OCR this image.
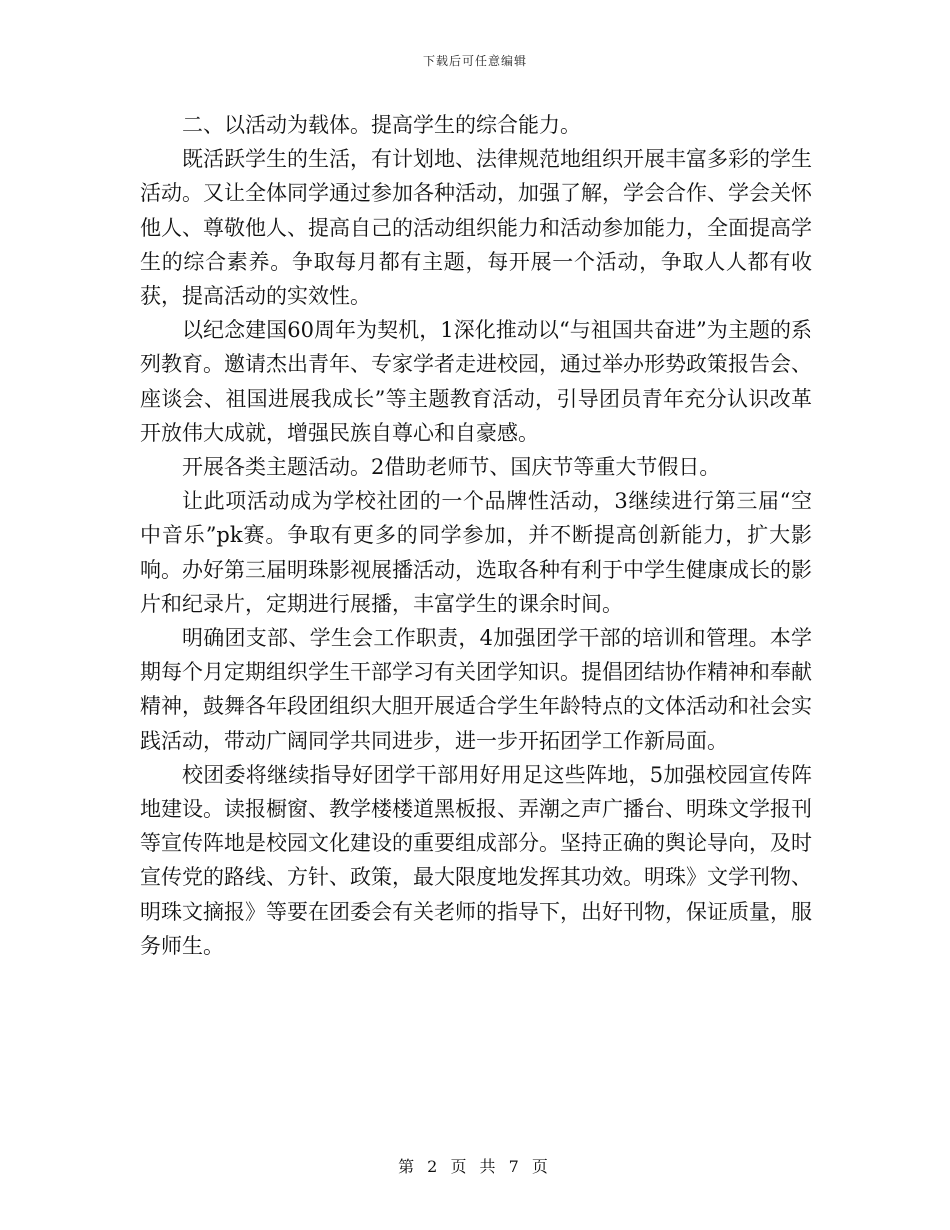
下载后可任意编辑

二、以活动为载体。提高学生的综合能力。

既活跃学生的生活，有计划地、法律规范地组织开展丰富多彩的学生活动。又让全体同学通过参加各种活动，加强了解，学会合作、学会关怀他人、尊敬他人、提高自己的活动组织能力和活动参加能力，全面提高学生的综合素养。争取每月都有主题，每开展一个活动，争取人人都有收获，提高活动的实效性。

以纪念建国60周年为契机，1深化推动以“与祖国共奋进”为主题的系列教育。邀请杰出青年、专家学者走进校园，通过举办形势政策报告会、座谈会、祖国进展我成长”等主题教育活动，引导团员青年充分认识改革开放伟大成就，增强民族自尊心和自豪感。

开展各类主题活动。2借助老师节、国庆节等重大节假日。

让此项活动成为学校社团的一个品牌性活动，3继续进行第三届“空中音乐”pk赛。争取有更多的同学参加，并不断提高创新能力，扩大影响。办好第三届明珠影视展播活动，选取各种有利于中学生健康成长的影片和纪录片，定期进行展播，丰富学生的课余时间。

明确团支部、学生会工作职责，4加强团学干部的培训和管理。本学期每个月定期组织学生干部学习有关团学知识。提倡团结协作精神和奉献精神，鼓舞各年段团组织大胆开展适合学生年龄特点的文体活动和社会实践活动，带动广阔同学共同进步，进一步开拓团学工作新局面。

校团委将继续指导好团学干部用好用足这些阵地，5加强校园宣传阵地建设。读报橱窗、教学楼楼道黑板报、弄潮之声广播台、明珠文学报刊等宣传阵地是校园文化建设的重要组成部分。坚持正确的舆论导向，及时宣传党的路线、方针、政策，最大限度地发挥其功效。明珠》文学刊物、明珠文摘报》等要在团委会有关老师的指导下，出好刊物，保证质量，服务师生。

第 2 页 共 7 页
